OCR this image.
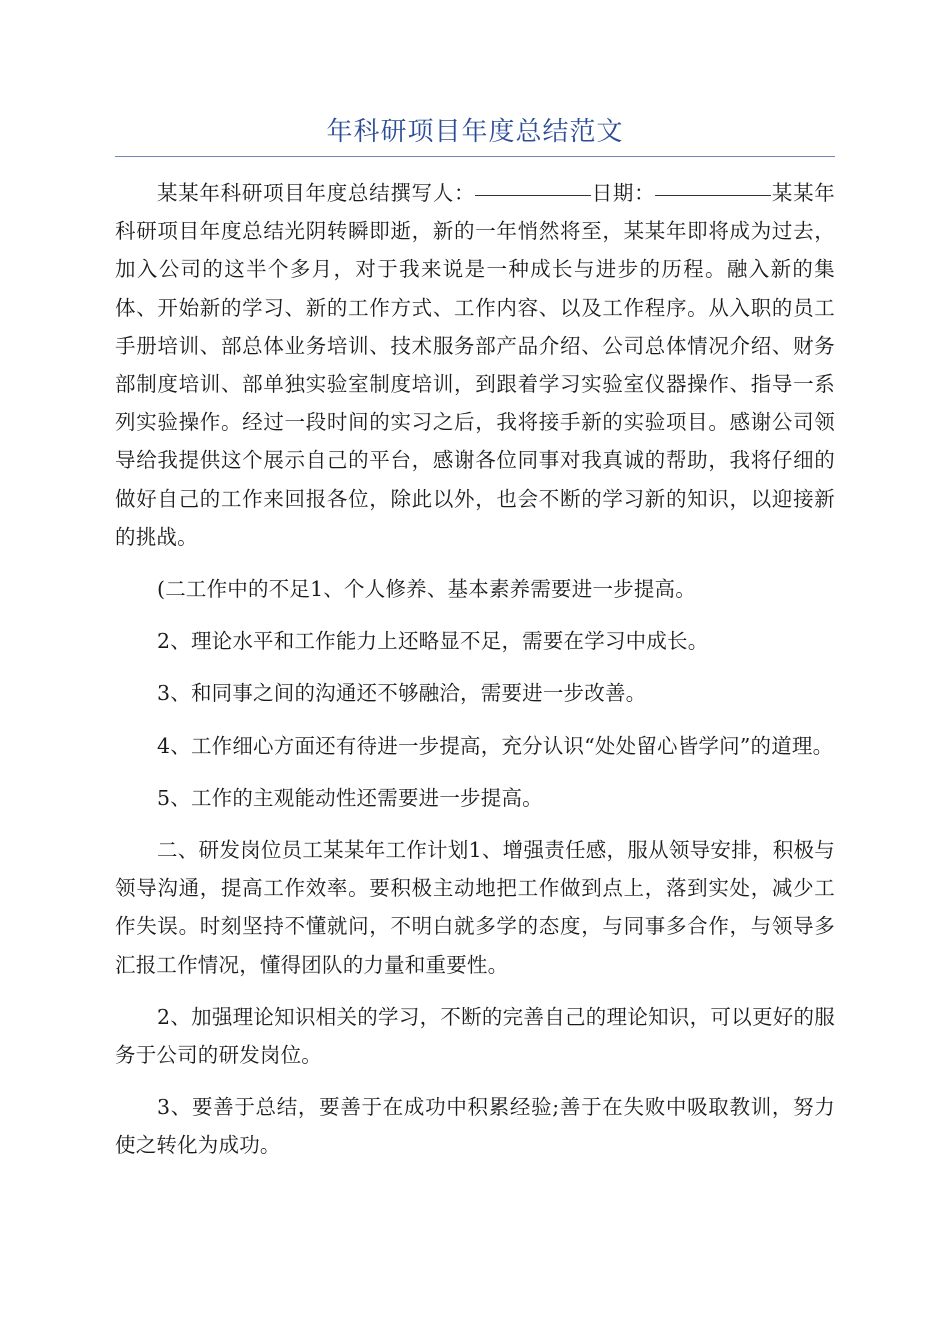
年科研项目年度总结范文

某某年科研项目年度总结撰写人：	日期：	某某年科研项目年度总结光阴转瞬即逝，新的一年悄然将至，某某年即将成为过去，加入公司的这半个多月，对于我来说是一种成长与进步的历程。融入新的集体、开始新的学习、新的工作方式、工作内容、以及工作程序。从入职的员工手册培训、部总体业务培训、技术服务部产品介绍、公司总体情况介绍、财务部制度培训、部单独实验室制度培训，到跟着学习实验室仪器操作、指导一系列实验操作。经过一段时间的实习之后，我将接手新的实验项目。感谢公司领导给我提供这个展示自己的平台，感谢各位同事对我真诚的帮助，我将仔细的做好自己的工作来回报各位，除此以外，也会不断的学习新的知识，以迎接新的挑战。

(二工作中的不足1、个人修养、基本素养需要进一步提高。

2、理论水平和工作能力上还略显不足，需要在学习中成长。

3、和同事之间的沟通还不够融洽，需要进一步改善。

4、工作细心方面还有待进一步提高，充分认识“处处留心皆学问”的道理。

5、工作的主观能动性还需要进一步提高。

二、研发岗位员工某某年工作计划1、增强责任感，服从领导安排，积极与领导沟通，提高工作效率。要积极主动地把工作做到点上，落到实处，减少工作失误。时刻坚持不懂就问，不明白就多学的态度，与同事多合作，与领导多汇报工作情况，懂得团队的力量和重要性。

2、加强理论知识相关的学习，不断的完善自己的理论知识，可以更好的服务于公司的研发岗位。

3、要善于总结，要善于在成功中积累经验;善于在失败中吸取教训，努力使之转化为成功。
